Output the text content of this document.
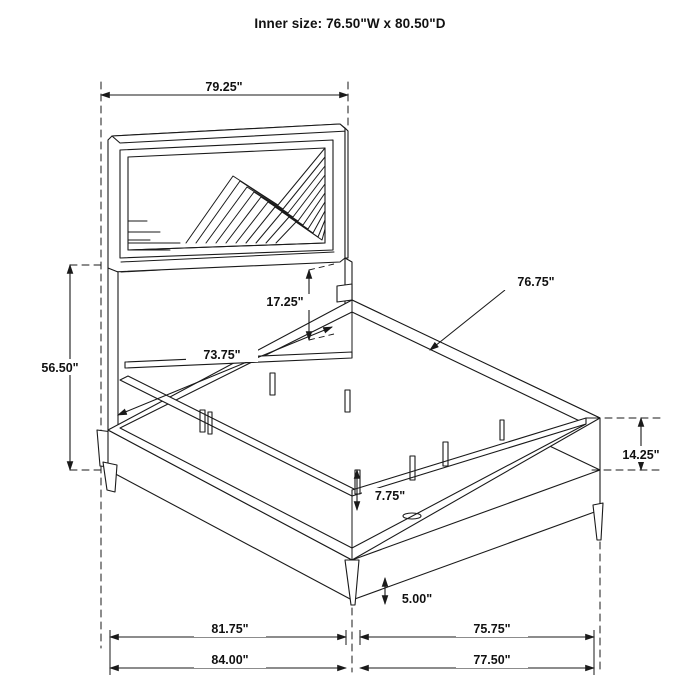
Inner size: 76.50"W x 80.50"D
79.25"
17.25"
73.75"
56.50"
76.75"
14.25"
7.75"
5.00"
81.75"	75.75"
84.00"	77.50"
